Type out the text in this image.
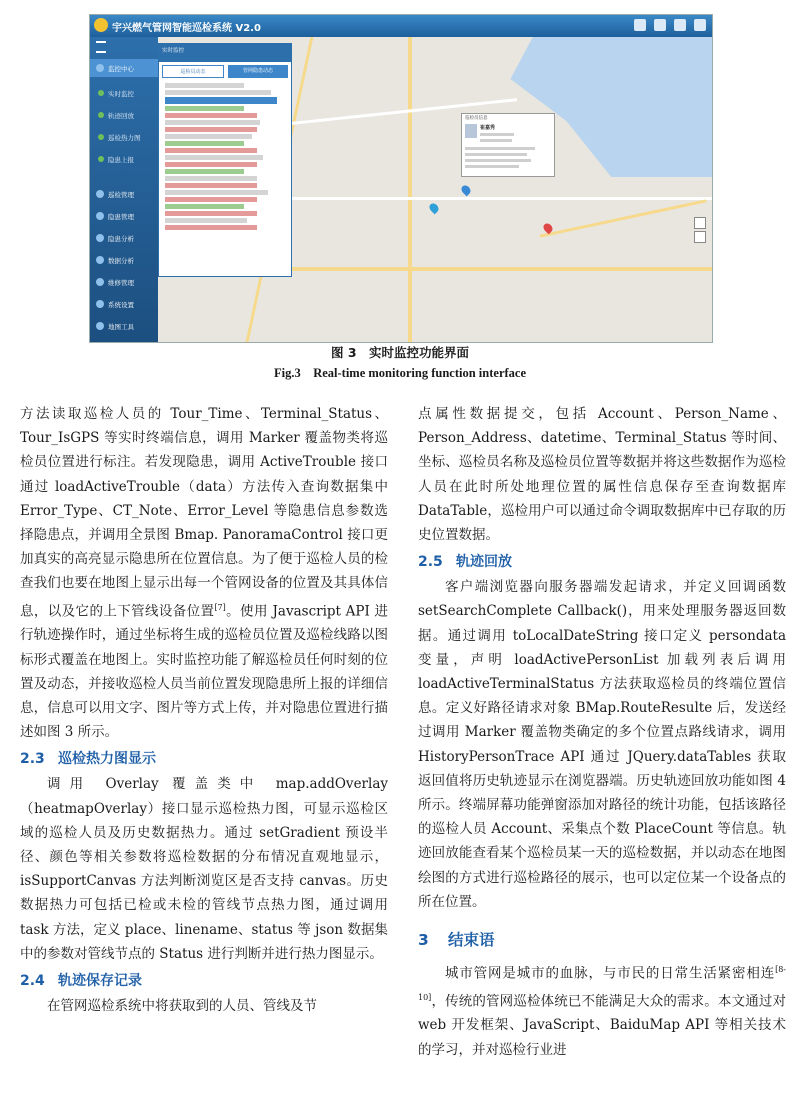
宇兴燃气管网智能巡检系统 V2.0
监控中心
实时监控
轨迹回放
巡检热力图
隐患上报
巡检管理
隐患管理
隐患分析
数据分析
维修管理
系统设置
地图工具
实时监控
巡检员动态	管网隐患动态
巡检员信息
崔嘉秀
图 3　实时监控功能界面
Fig.3　Real-time monitoring function interface

方法读取巡检人员的 Tour_Time、Terminal_Status、Tour_IsGPS 等实时终端信息，调用 Marker 覆盖物类将巡检员位置进行标注。若发现隐患，调用 ActiveTrouble 接口通过 loadActiveTrouble（data）方法传入查询数据集中 Error_Type、CT_Note、Error_Level 等隐患信息参数选择隐患点，并调用全景图 Bmap. PanoramaControl 接口更加真实的高亮显示隐患所在位置信息。为了便于巡检人员的检查我们也要在地图上显示出每一个管网设备的位置及其具体信息，以及它的上下管线设备位置[7]。使用 Javascript API 进行轨迹操作时，通过坐标将生成的巡检员位置及巡检线路以图标形式覆盖在地图上。实时监控功能了解巡检员任何时刻的位置及动态，并接收巡检人员当前位置发现隐患所上报的详细信息，信息可以用文字、图片等方式上传，并对隐患位置进行描述如图 3 所示。

2.3 巡检热力图显示

调用 Overlay 覆盖类中 map.addOverlay（heatmapOverlay）接口显示巡检热力图，可显示巡检区域的巡检人员及历史数据热力。通过 setGradient 预设半径、颜色等相关参数将巡检数据的分布情况直观地显示，isSupportCanvas 方法判断浏览区是否支持 canvas。历史数据热力可包括已检或未检的管线节点热力图，通过调用 task 方法，定义 place、linename、status 等 json 数据集中的参数对管线节点的 Status 进行判断并进行热力图显示。

2.4 轨迹保存记录

在管网巡检系统中将获取到的人员、管线及节

点属性数据提交，包括 Account、Person_Name、Person_Address、datetime、Terminal_Status 等时间、坐标、巡检员名称及巡检员位置等数据并将这些数据作为巡检人员在此时所处地理位置的属性信息保存至查询数据库 DataTable，巡检用户可以通过命令调取数据库中已存取的历史位置数据。

2.5 轨迹回放

客户端浏览器向服务器端发起请求，并定义回调函数 setSearchComplete Callback()，用来处理服务器返回数据。通过调用 toLocalDateString 接口定义 persondata 变量，声明 loadActivePersonList 加载列表后调用 loadActiveTerminalStatus 方法获取巡检员的终端位置信息。定义好路径请求对象 BMap.RouteResulte 后，发送经过调用 Marker 覆盖物类确定的多个位置点路线请求，调用 HistoryPersonTrace API 通过 JQuery.dataTables 获取返回值将历史轨迹显示在浏览器端。历史轨迹回放功能如图 4 所示。终端屏幕功能弹窗添加对路径的统计功能，包括该路径的巡检人员 Account、采集点个数 PlaceCount 等信息。轨迹回放能查看某个巡检员某一天的巡检数据，并以动态在地图绘图的方式进行巡检路径的展示，也可以定位某一个设备点的所在位置。

3 结束语

城市管网是城市的血脉，与市民的日常生活紧密相连[8-10]，传统的管网巡检体统已不能满足大众的需求。本文通过对 web 开发框架、JavaScript、BaiduMap API 等相关技术的学习，并对巡检行业进
